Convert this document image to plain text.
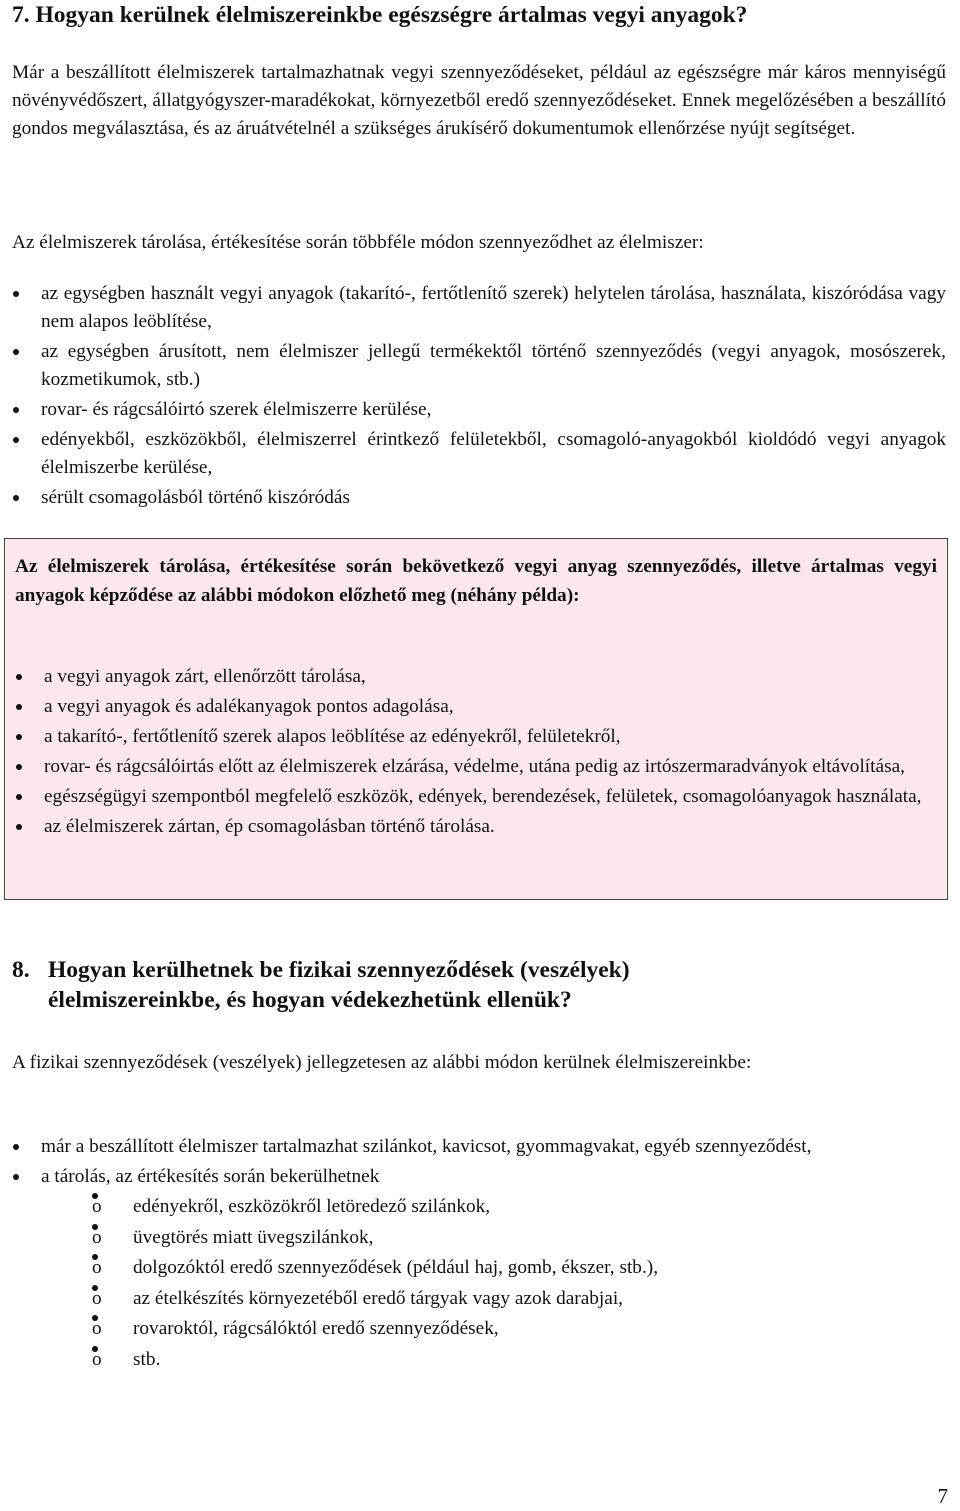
7. Hogyan kerülnek élelmiszereinkbe egészségre ártalmas vegyi anyagok?

Már a beszállított élelmiszerek tartalmazhatnak vegyi szennyeződéseket, például az egészségre már káros mennyiségű növényvédőszert, állatgyógyszer-maradékokat, környezetből eredő szennyeződéseket. Ennek megelőzésében a beszállító gondos megválasztása, és az áruátvételnél a szükséges árukísérő dokumentumok ellenőrzése nyújt segítséget.

Az élelmiszerek tárolása, értékesítése során többféle módon szennyeződhet az élelmiszer:

az egységben használt vegyi anyagok (takarító-, fertőtlenítő szerek) helytelen tárolása, használata, kiszóródása vagy nem alapos leöblítése,
az egységben árusított, nem élelmiszer jellegű termékektől történő szennyeződés (vegyi anyagok, mosószerek, kozmetikumok, stb.)
rovar- és rágcsálóirtó szerek élelmiszerre kerülése,
edényekből, eszközökből, élelmiszerrel érintkező felületekből, csomagoló-anyagokból kioldódó vegyi anyagok élelmiszerbe kerülése,
sérült csomagolásból történő kiszóródás
8. Hogyan kerülhetnek be fizikai szennyeződések (veszélyek)
élelmiszereinkbe, és hogyan védekezhetünk ellenük?

A fizikai szennyeződések (veszélyek) jellegzetesen az alábbi módon kerülnek élelmiszereinkbe:

már a beszállított élelmiszer tartalmazhat szilánkot, kavicsot, gyommagvakat, egyéb szennyeződést,
a tárolás, az értékesítés során bekerülhetnek
o edényekről, eszközökről letöredező szilánkok,
o üvegtörés miatt üvegszilánkok,
o dolgozóktól eredő szennyeződések (például haj, gomb, ékszer, stb.),
o az ételkészítés környezetéből eredő tárgyak vagy azok darabjai,
o rovaroktól, rágcsálóktól eredő szennyeződések,
o stb.

Az élelmiszerek tárolása, értékesítése során bekövetkező vegyi anyag szennyeződés, illetve ártalmas vegyi anyagok képződése az alábbi módokon előzhető meg (néhány példa):

a vegyi anyagok zárt, ellenőrzött tárolása,
a vegyi anyagok és adalékanyagok pontos adagolása,
a takarító-, fertőtlenítő szerek alapos leöblítése az edényekről, felületekről,
rovar- és rágcsálóirtás előtt az élelmiszerek elzárása, védelme, utána pedig az irtószermaradványok eltávolítása,
egészségügyi szempontból megfelelő eszközök, edények, berendezések, felületek, csomagolóanyagok használata,
az élelmiszerek zártan, ép csomagolásban történő tárolása.
7
